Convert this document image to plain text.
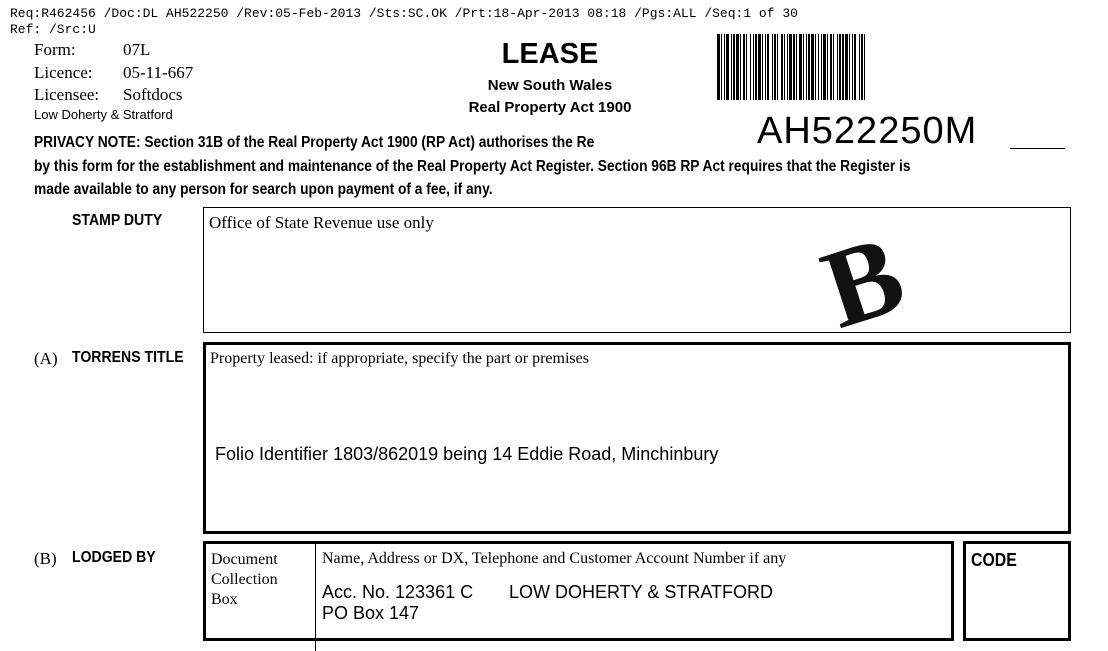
Req:R462456 /Doc:DL AH522250 /Rev:05-Feb-2013 /Sts:SC.OK /Prt:18-Apr-2013 08:18 /Pgs:ALL /Seq:1 of 30
Ref: /Src:U
Form:	07L
Licence: 05-11-667
Licensee: Softdocs
Low Doherty & Stratford
LEASE
New South Wales
Real Property Act 1900
AH522250M
PRIVACY NOTE: Section 31B of the Real Property Act 1900 (RP Act) authorises the Re
by this form for the establishment and maintenance of the Real Property Act Register. Section 96B RP Act requires that the Register is
made available to any person for search upon payment of a fee, if any.
STAMP DUTY	Office of State Revenue use only	B
(A) TORRENS TITLE Property leased: if appropriate, specify the part or premises
Folio Identifier 1803/862019 being 14 Eddie Road, Minchinbury
(B) LODGED BY	Document
Collection
Box
Name, Address or DX, Telephone and Customer Account Number if any
Acc. No. 123361 C LOW DOHERTY & STRATFORD
PO Box 147
CODE
